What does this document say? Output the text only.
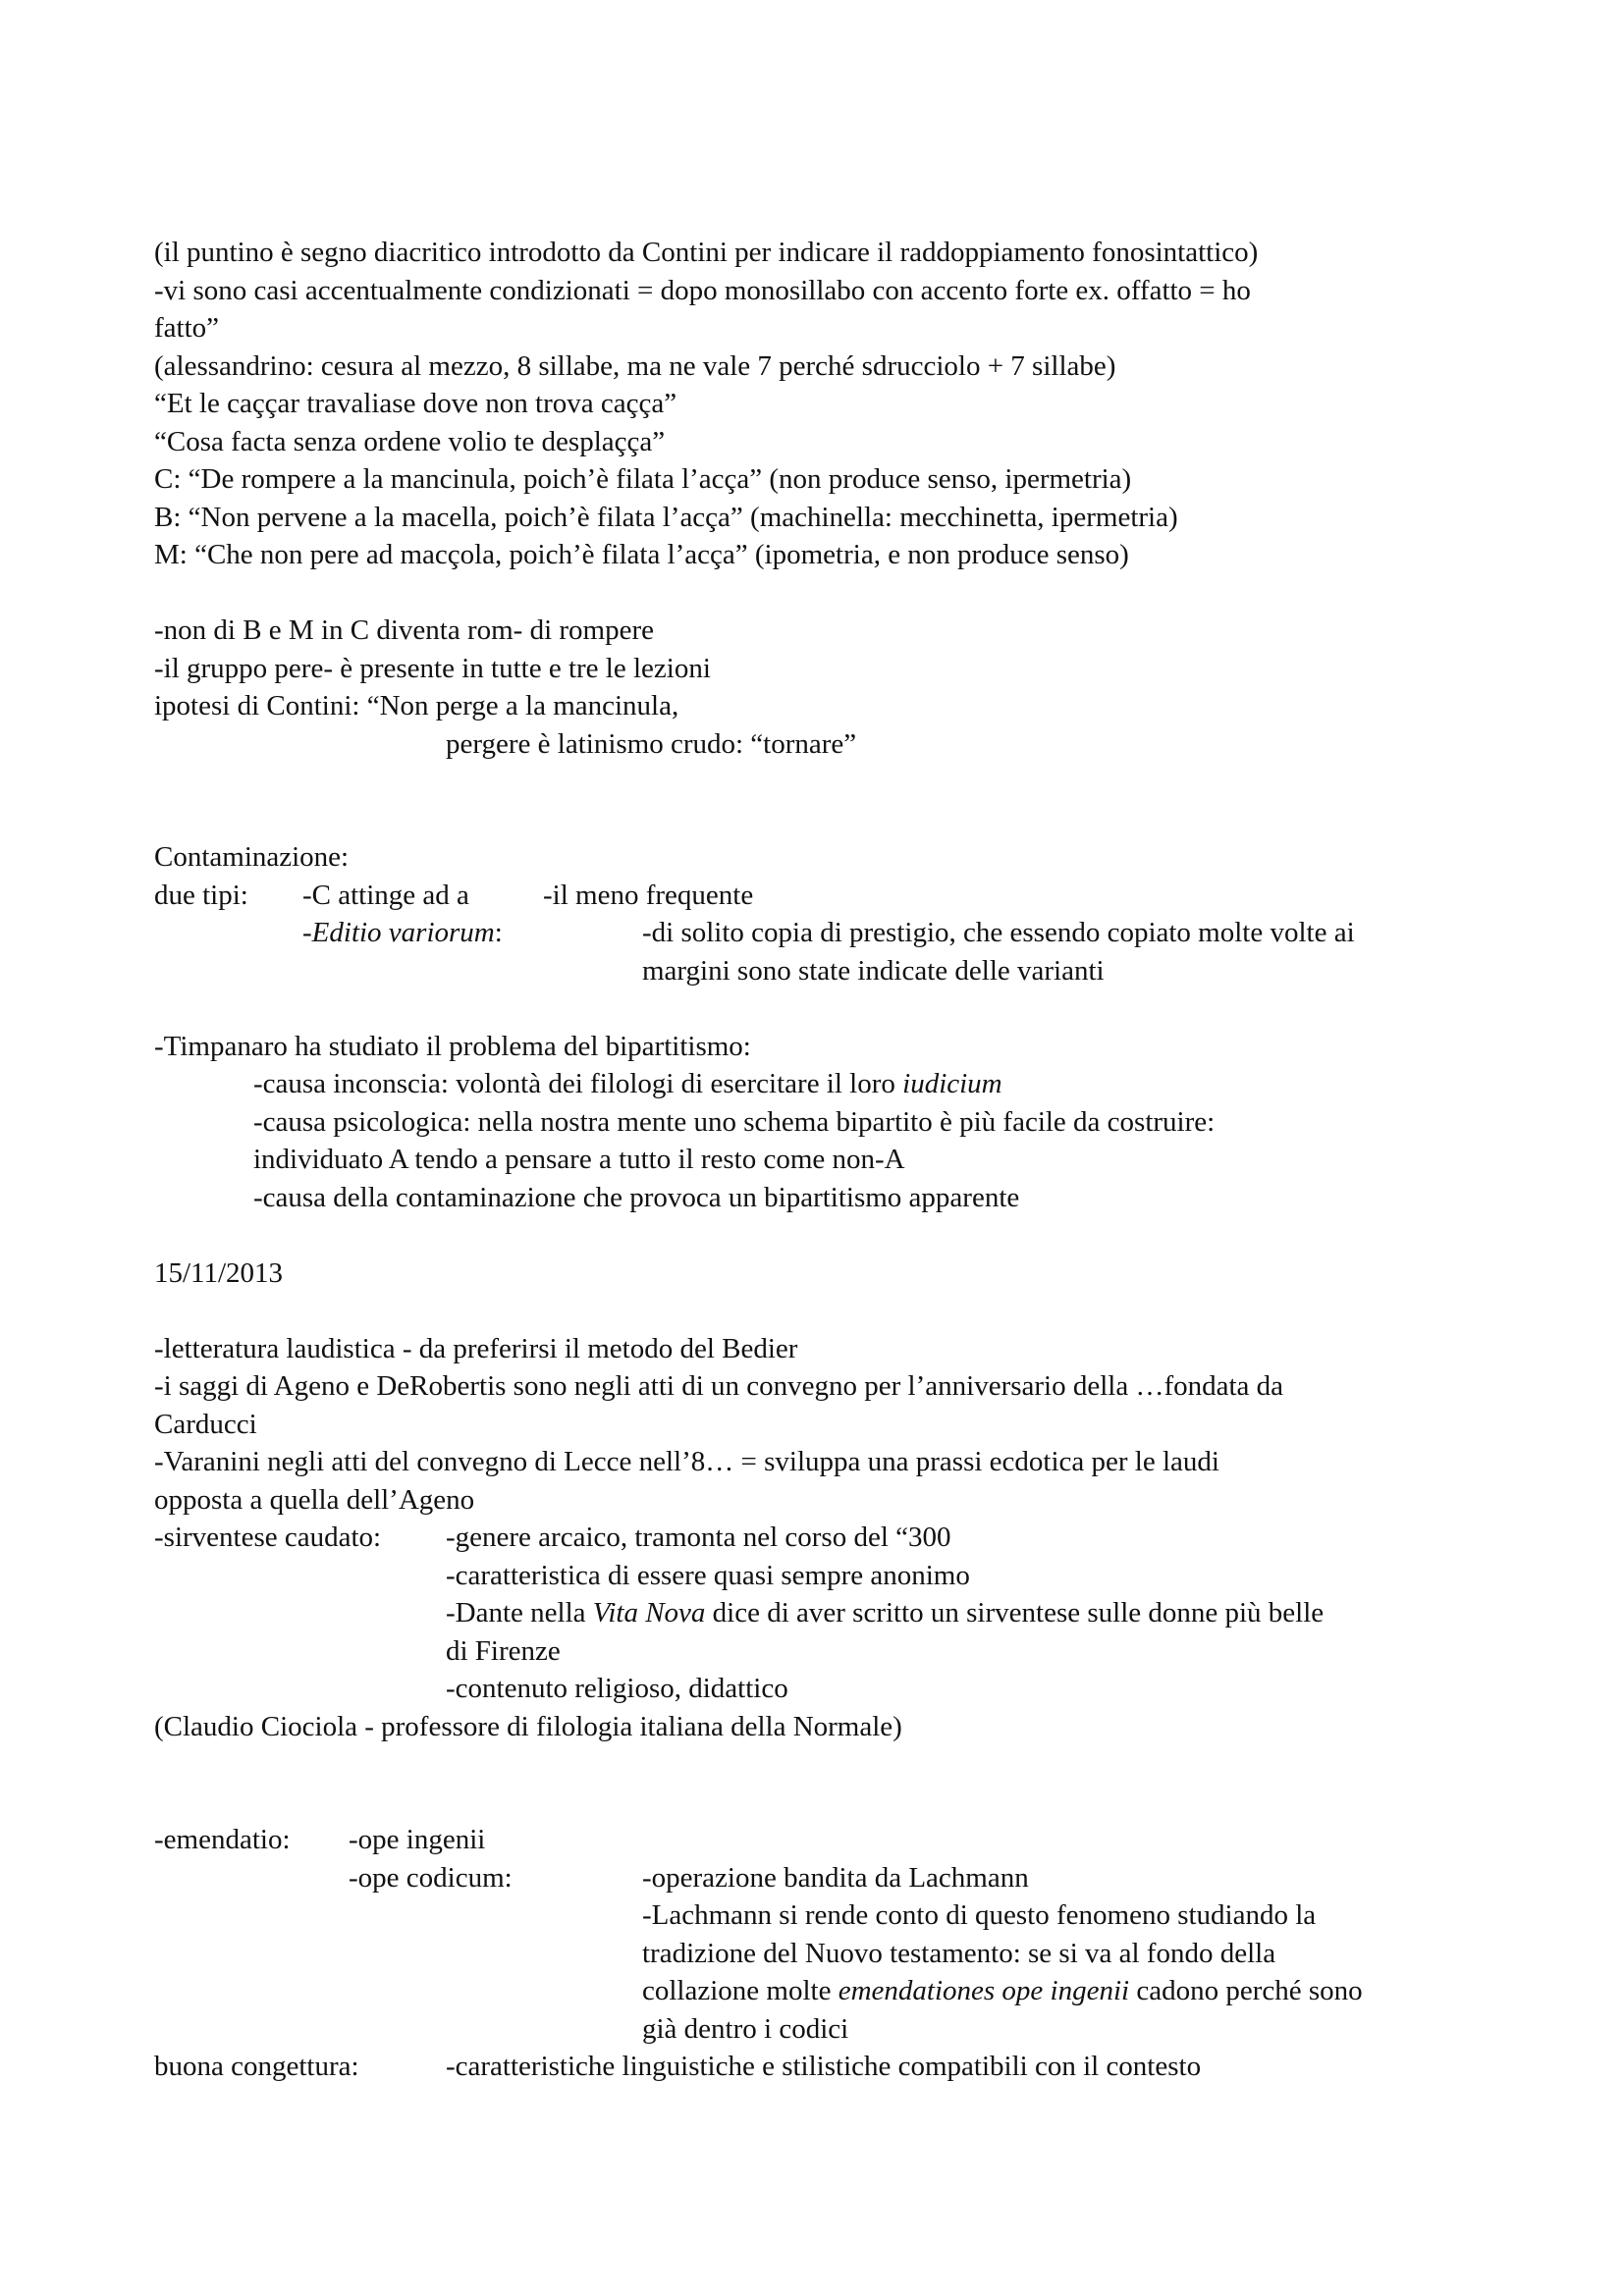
(il puntino è segno diacritico introdotto da Contini per indicare il raddoppiamento fonosintattico)
-vi sono casi accentualmente condizionati = dopo monosillabo con accento forte ex. offatto = ho
fatto”
(alessandrino: cesura al mezzo, 8 sillabe, ma ne vale 7 perché sdrucciolo + 7 sillabe)
“Et le caççar travaliase dove non trova caççа”
“Cosa facta senza ordene volio te desplaçça”
C: “De rompere a la mancinula, poich’è filata l’acça” (non produce senso, ipermetria)
B: “Non pervene a la macella, poich’è filata l’acça” (machinella: mecchinetta, ipermetria)
M: “Che non pere ad macçola, poich’è filata l’acça” (ipometria, e non produce senso)
-non di B e M in C diventa rom- di rompere
-il gruppo pere- è presente in tutte e tre le lezioni
ipotesi di Contini: “Non perge a la mancinula,
pergere è latinismo crudo: “tornare”
Contaminazione:
due tipi: -C attinge ad a	-il meno frequente
-Editio variorum:	-di solito copia di prestigio, che essendo copiato molte volte ai
margini sono state indicate delle varianti
-Timpanaro ha studiato il problema del bipartitismo:
-causa inconscia: volontà dei filologi di esercitare il loro iudicium
-causa psicologica: nella nostra mente uno schema bipartito è più facile da costruire:
individuato A tendo a pensare a tutto il resto come non-A
-causa della contaminazione che provoca un bipartitismo apparente
15/11/2013
-letteratura laudistica - da preferirsi il metodo del Bedier
-i saggi di Ageno e DeRobertis sono negli atti di un convegno per l’anniversario della …fondata da
Carducci
-Varanini negli atti del convegno di Lecce nell’8… = sviluppa una prassi ecdotica per le laudi
opposta a quella dell’Ageno
-sirventese caudato: -genere arcaico, tramonta nel corso del “300
-caratteristica di essere quasi sempre anonimo
-Dante nella Vita Nova dice di aver scritto un sirventese sulle donne più belle
di Firenze
-contenuto religioso, didattico
(Claudio Ciociola - professore di filologia italiana della Normale)
-emendatio: -ope ingenii
-ope codicum:	-operazione bandita da Lachmann
-Lachmann si rende conto di questo fenomeno studiando la
tradizione del Nuovo testamento: se si va al fondo della
collazione molte emendationes ope ingenii cadono perché sono
già dentro i codici
buona congettura:	-caratteristiche linguistiche e stilistiche compatibili con il contesto
